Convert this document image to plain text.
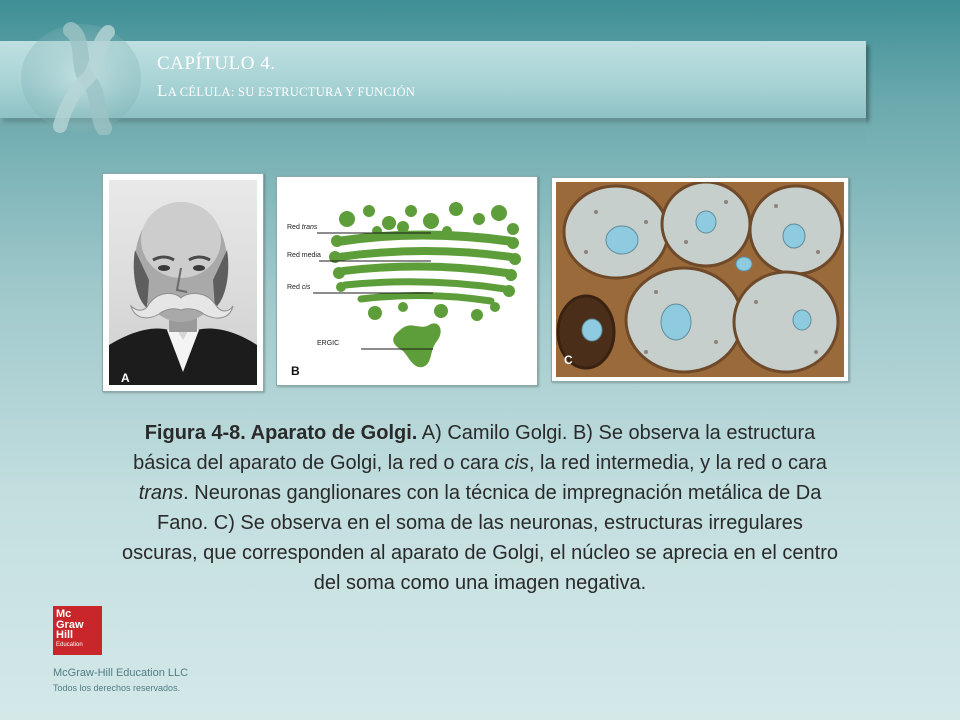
CAPÍTULO 4.
LA CÉLULA: SU ESTRUCTURA Y FUNCIÓN
A
Red trans
Red media
Red cis
ERGIC
B
C
Figura 4-8. Aparato de Golgi. A) Camilo Golgi. B) Se observa la estructura básica del aparato de Golgi, la red o cara cis, la red intermedia, y la red o cara trans. Neuronas ganglionares con la técnica de impregnación metálica de Da Fano. C) Se observa en el soma de las neuronas, estructuras irregulares oscuras, que corresponden al aparato de Golgi, el núcleo se aprecia en el centro del soma como una imagen negativa.
Mc
Graw
Hill
Education
McGraw-Hill Education LLC
Todos los derechos reservados.
